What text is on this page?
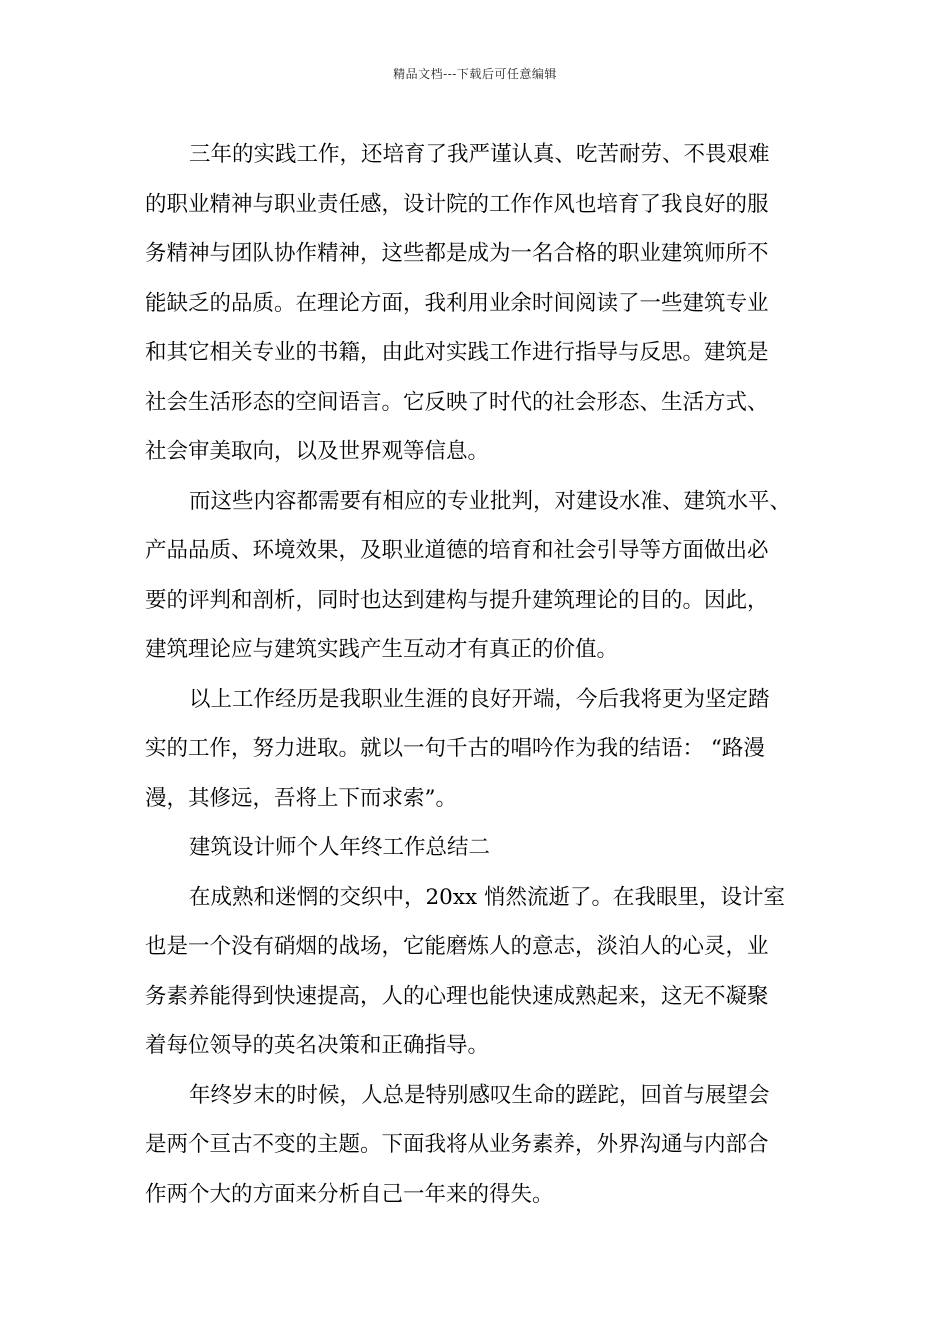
精品文档---下载后可任意编辑
三年的实践工作，还培育了我严谨认真、吃苦耐劳、不畏艰难
的职业精神与职业责任感，设计院的工作作风也培育了我良好的服
务精神与团队协作精神，这些都是成为一名合格的职业建筑师所不
能缺乏的品质。在理论方面，我利用业余时间阅读了一些建筑专业
和其它相关专业的书籍，由此对实践工作进行指导与反思。建筑是
社会生活形态的空间语言。它反映了时代的社会形态、生活方式、
社会审美取向，以及世界观等信息。
而这些内容都需要有相应的专业批判，对建设水准、建筑水平、
产品品质、环境效果，及职业道德的培育和社会引导等方面做出必
要的评判和剖析，同时也达到建构与提升建筑理论的目的。因此，
建筑理论应与建筑实践产生互动才有真正的价值。
以上工作经历是我职业生涯的良好开端，今后我将更为坚定踏
实的工作，努力进取。就以一句千古的唱吟作为我的结语： “路漫
漫，其修远，吾将上下而求索”。
建筑设计师个人年终工作总结二
在成熟和迷惘的交织中，20xx 悄然流逝了。在我眼里，设计室
也是一个没有硝烟的战场，它能磨炼人的意志，淡泊人的心灵，业
务素养能得到快速提高，人的心理也能快速成熟起来，这无不凝聚
着每位领导的英名决策和正确指导。
年终岁末的时候，人总是特别感叹生命的蹉跎，回首与展望会
是两个亘古不变的主题。下面我将从业务素养，外界沟通与内部合
作两个大的方面来分析自己一年来的得失。
